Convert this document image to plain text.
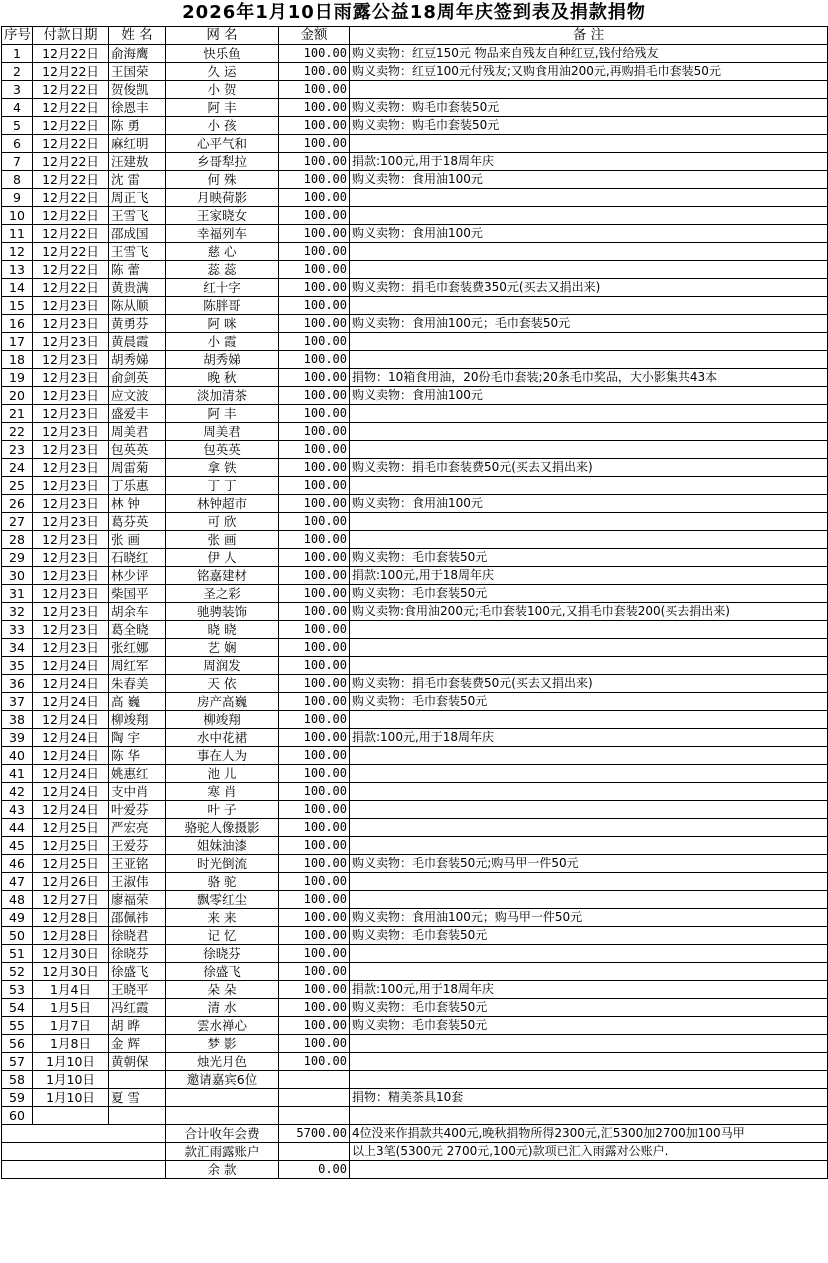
2026年1月10日雨露公益18周年庆签到表及捐款捐物
序号	付款日期	姓 名	网 名	金额	备 注
1	12月22日	俞海鹰	快乐鱼	100.00	购义卖物：红豆150元 物品来自残友自种红豆,钱付给残友
2	12月22日	王国荣	久 运	100.00	购义卖物：红豆100元付残友;又购食用油200元,再购捐毛巾套装50元
3	12月22日	贺俊凯	小 贺	100.00	
4	12月22日	徐恩丰	阿 丰	100.00	购义卖物：购毛巾套装50元
5	12月22日	陈 勇	小 孩	100.00	购义卖物：购毛巾套装50元
6	12月22日	麻红明	心平气和	100.00	
7	12月22日	汪建敖	乡哥犁拉	100.00	捐款:100元,用于18周年庆
8	12月22日	沈 雷	何 殊	100.00	购义卖物：食用油100元
9	12月22日	周正飞	月映荷影	100.00	
10	12月22日	王雪飞	王家晓女	100.00	
11	12月22日	邵成国	幸福列车	100.00	购义卖物：食用油100元
12	12月22日	王雪飞	慈 心	100.00	
13	12月22日	陈 蕾	蕊 蕊	100.00	
14	12月22日	黄贵满	红十字	100.00	购义卖物：捐毛巾套装费350元(买去又捐出来)
15	12月23日	陈从顺	陈胖哥	100.00	
16	12月23日	黄勇芬	阿 咪	100.00	购义卖物：食用油100元；毛巾套装50元
17	12月23日	黄晨霞	小 霞	100.00	
18	12月23日	胡秀娣	胡秀娣	100.00	
19	12月23日	俞剑英	晚 秋	100.00	捐物：10箱食用油，20份毛巾套装;20条毛巾奖品，大小影集共43本
20	12月23日	应文波	淡加清茶	100.00	购义卖物：食用油100元
21	12月23日	盛爱丰	阿 丰	100.00	
22	12月23日	周美君	周美君	100.00	
23	12月23日	包英英	包英英	100.00	
24	12月23日	周雷菊	拿 铁	100.00	购义卖物：捐毛巾套装费50元(买去又捐出来)
25	12月23日	丁乐惠	丁 丁	100.00	
26	12月23日	林 钟	林钟超市	100.00	购义卖物：食用油100元
27	12月23日	葛芬英	可 欣	100.00	
28	12月23日	张 画	张 画	100.00	
29	12月23日	石晓红	伊 人	100.00	购义卖物：毛巾套装50元
30	12月23日	林少评	铭嘉建材	100.00	捐款:100元,用于18周年庆
31	12月23日	柴国平	圣之彩	100.00	购义卖物：毛巾套装50元
32	12月23日	胡余车	驰骋装饰	100.00	购义卖物:食用油200元;毛巾套装100元,又捐毛巾套装200(买去捐出来)
33	12月23日	葛全晓	晓 晓	100.00	
34	12月23日	张红娜	艺 娴	100.00	
35	12月24日	周红军	周润发	100.00	
36	12月24日	朱春美	天 依	100.00	购义卖物：捐毛巾套装费50元(买去又捐出来)
37	12月24日	高 巍	房产高巍	100.00	购义卖物：毛巾套装50元
38	12月24日	柳竣翔	柳竣翔	100.00	
39	12月24日	陶 宇	水中花裙	100.00	捐款:100元,用于18周年庆
40	12月24日	陈 华	事在人为	100.00	
41	12月24日	姚惠红	池 儿	100.00	
42	12月24日	支中肖	寒 肖	100.00	
43	12月24日	叶爱芬	叶 子	100.00	
44	12月25日	严宏亮	骆驼人像摄影	100.00	
45	12月25日	王爱芬	姐妹油漆	100.00	
46	12月25日	王亚铭	时光倒流	100.00	购义卖物：毛巾套装50元;购马甲一件50元
47	12月26日	王淑伟	骆 驼	100.00	
48	12月27日	廖福荣	飘零红尘	100.00	
49	12月28日	邵佩祎	来 来	100.00	购义卖物：食用油100元；购马甲一件50元
50	12月28日	徐晓君	记 忆	100.00	购义卖物：毛巾套装50元
51	12月30日	徐晓芬	徐晓芬	100.00	
52	12月30日	徐盛飞	徐盛飞	100.00	
53	1月4日	王晓平	朵 朵	100.00	捐款:100元,用于18周年庆
54	1月5日	冯红霞	清 水	100.00	购义卖物：毛巾套装50元
55	1月7日	胡 晔	雲水禅心	100.00	购义卖物：毛巾套装50元
56	1月8日	金 辉	梦 影	100.00	
57	1月10日	黄朝保	烛光月色	100.00	
58	1月10日		邀请嘉宾6位		
59	1月10日	夏 雪			捐物：精美茶具10套
60					
			合计收年会费	5700.00	4位没来作捐款共400元,晚秋捐物所得2300元,汇5300加2700加100马甲
			款汇雨露账户		以上3笔(5300元 2700元,100元)款项已汇入雨露对公账户.
			余 款	0.00	
